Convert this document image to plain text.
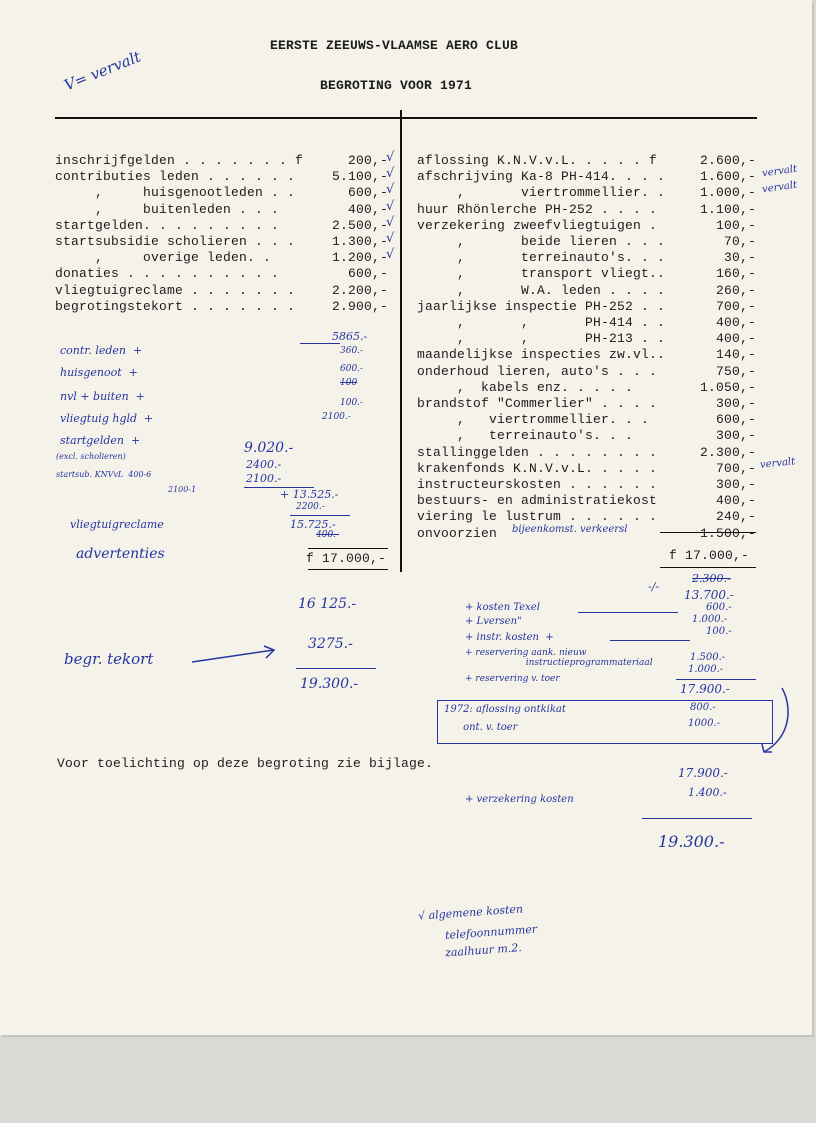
EERSTE ZEEUWS-VLAAMSE AERO CLUB
BEGROTING VOOR 1971
f 17.000,-	f 17.000,-
Voor toelichting op deze begroting zie bijlage.
V= vervalt
vervalt
vervalt
vervalt
bijeenkomst. verkeersl
contr. leden  +
huisgenoot  +
nvl + buiten  +
vliegtuig hgld  +
startgelden  +
(excl. scholieren)
startsub. KNVvL  400-6
2100-1
vliegtuigreclame
advertenties
begr. tekort
5865.-
360.-
600.-
100
100.-
2100.-
9.020.-
2400.-
2100.-
+ 13.525.-
2200.-
15.725.-
400.-
16 125.-
3275.-
19.300.-
-/-
2.300.-
13.700.-
+ kosten Texel	600.-
+ Lversen"	1.000.-
+ instr. kosten  +
100.-
+ reservering aank. nieuw
instructieprogrammateriaal	1.500.-
+ reservering v. toer
1.000.-
17.900.-
1972: aflossing ontkikat
ont. v. toer
800.-
1000.-
17.900.-
+ verzekering kosten
1.400.-
19.300.-
√ algemene kosten
telefoonnummer
zaalhuur m.2.
inschrijfgelden . . . . . . . f	200,-
√
contributies leden . . . . . .	5.100,-
√
,     huisgenootleden . .	600,-
√
,     buitenleden . . .	400,-
√
startgelden. . . . . . . . .	2.500,-
√
startsubsidie scholieren . . .	1.300,-
√
,     overige leden. .	1.200,-
√
donaties . . . . . . . . . .	600,-
vliegtuigreclame . . . . . . .	2.200,-
begrotingstekort . . . . . . .	2.900,-
aflossing K.N.V.v.L. . . . . f	2.600,-
afschrijving Ka-8 PH-414. . . .	1.600,-
,       viertrommellier. .	1.000,-
huur Rhönlerche PH-252 . . . .	1.100,-
verzekering zweefvliegtuigen .	100,-
,       beide lieren . . .	70,-
,       terreinauto's. . .	30,-
,       transport vliegt..	160,-
,       W.A. leden . . . .	260,-
jaarlijkse inspectie PH-252 . .	700,-
,       ,       PH-414 . .	400,-
,       ,       PH-213 . .	400,-
maandelijkse inspecties zw.vl..	140,-
onderhoud lieren, auto's . . .	750,-
,  kabels enz. . . . .	1.050,-
brandstof "Commerlier" . . . .	300,-
,   viertrommellier. . .	600,-
,   terreinauto's. . .	300,-
stallinggelden . . . . . . . .	2.300,-
krakenfonds K.N.V.v.L. . . . .	700,-
instructeurskosten . . . . . .	300,-
bestuurs- en administratiekost	400,-
viering le lustrum . . . . . .	240,-
onvoorzien	1.500,-
